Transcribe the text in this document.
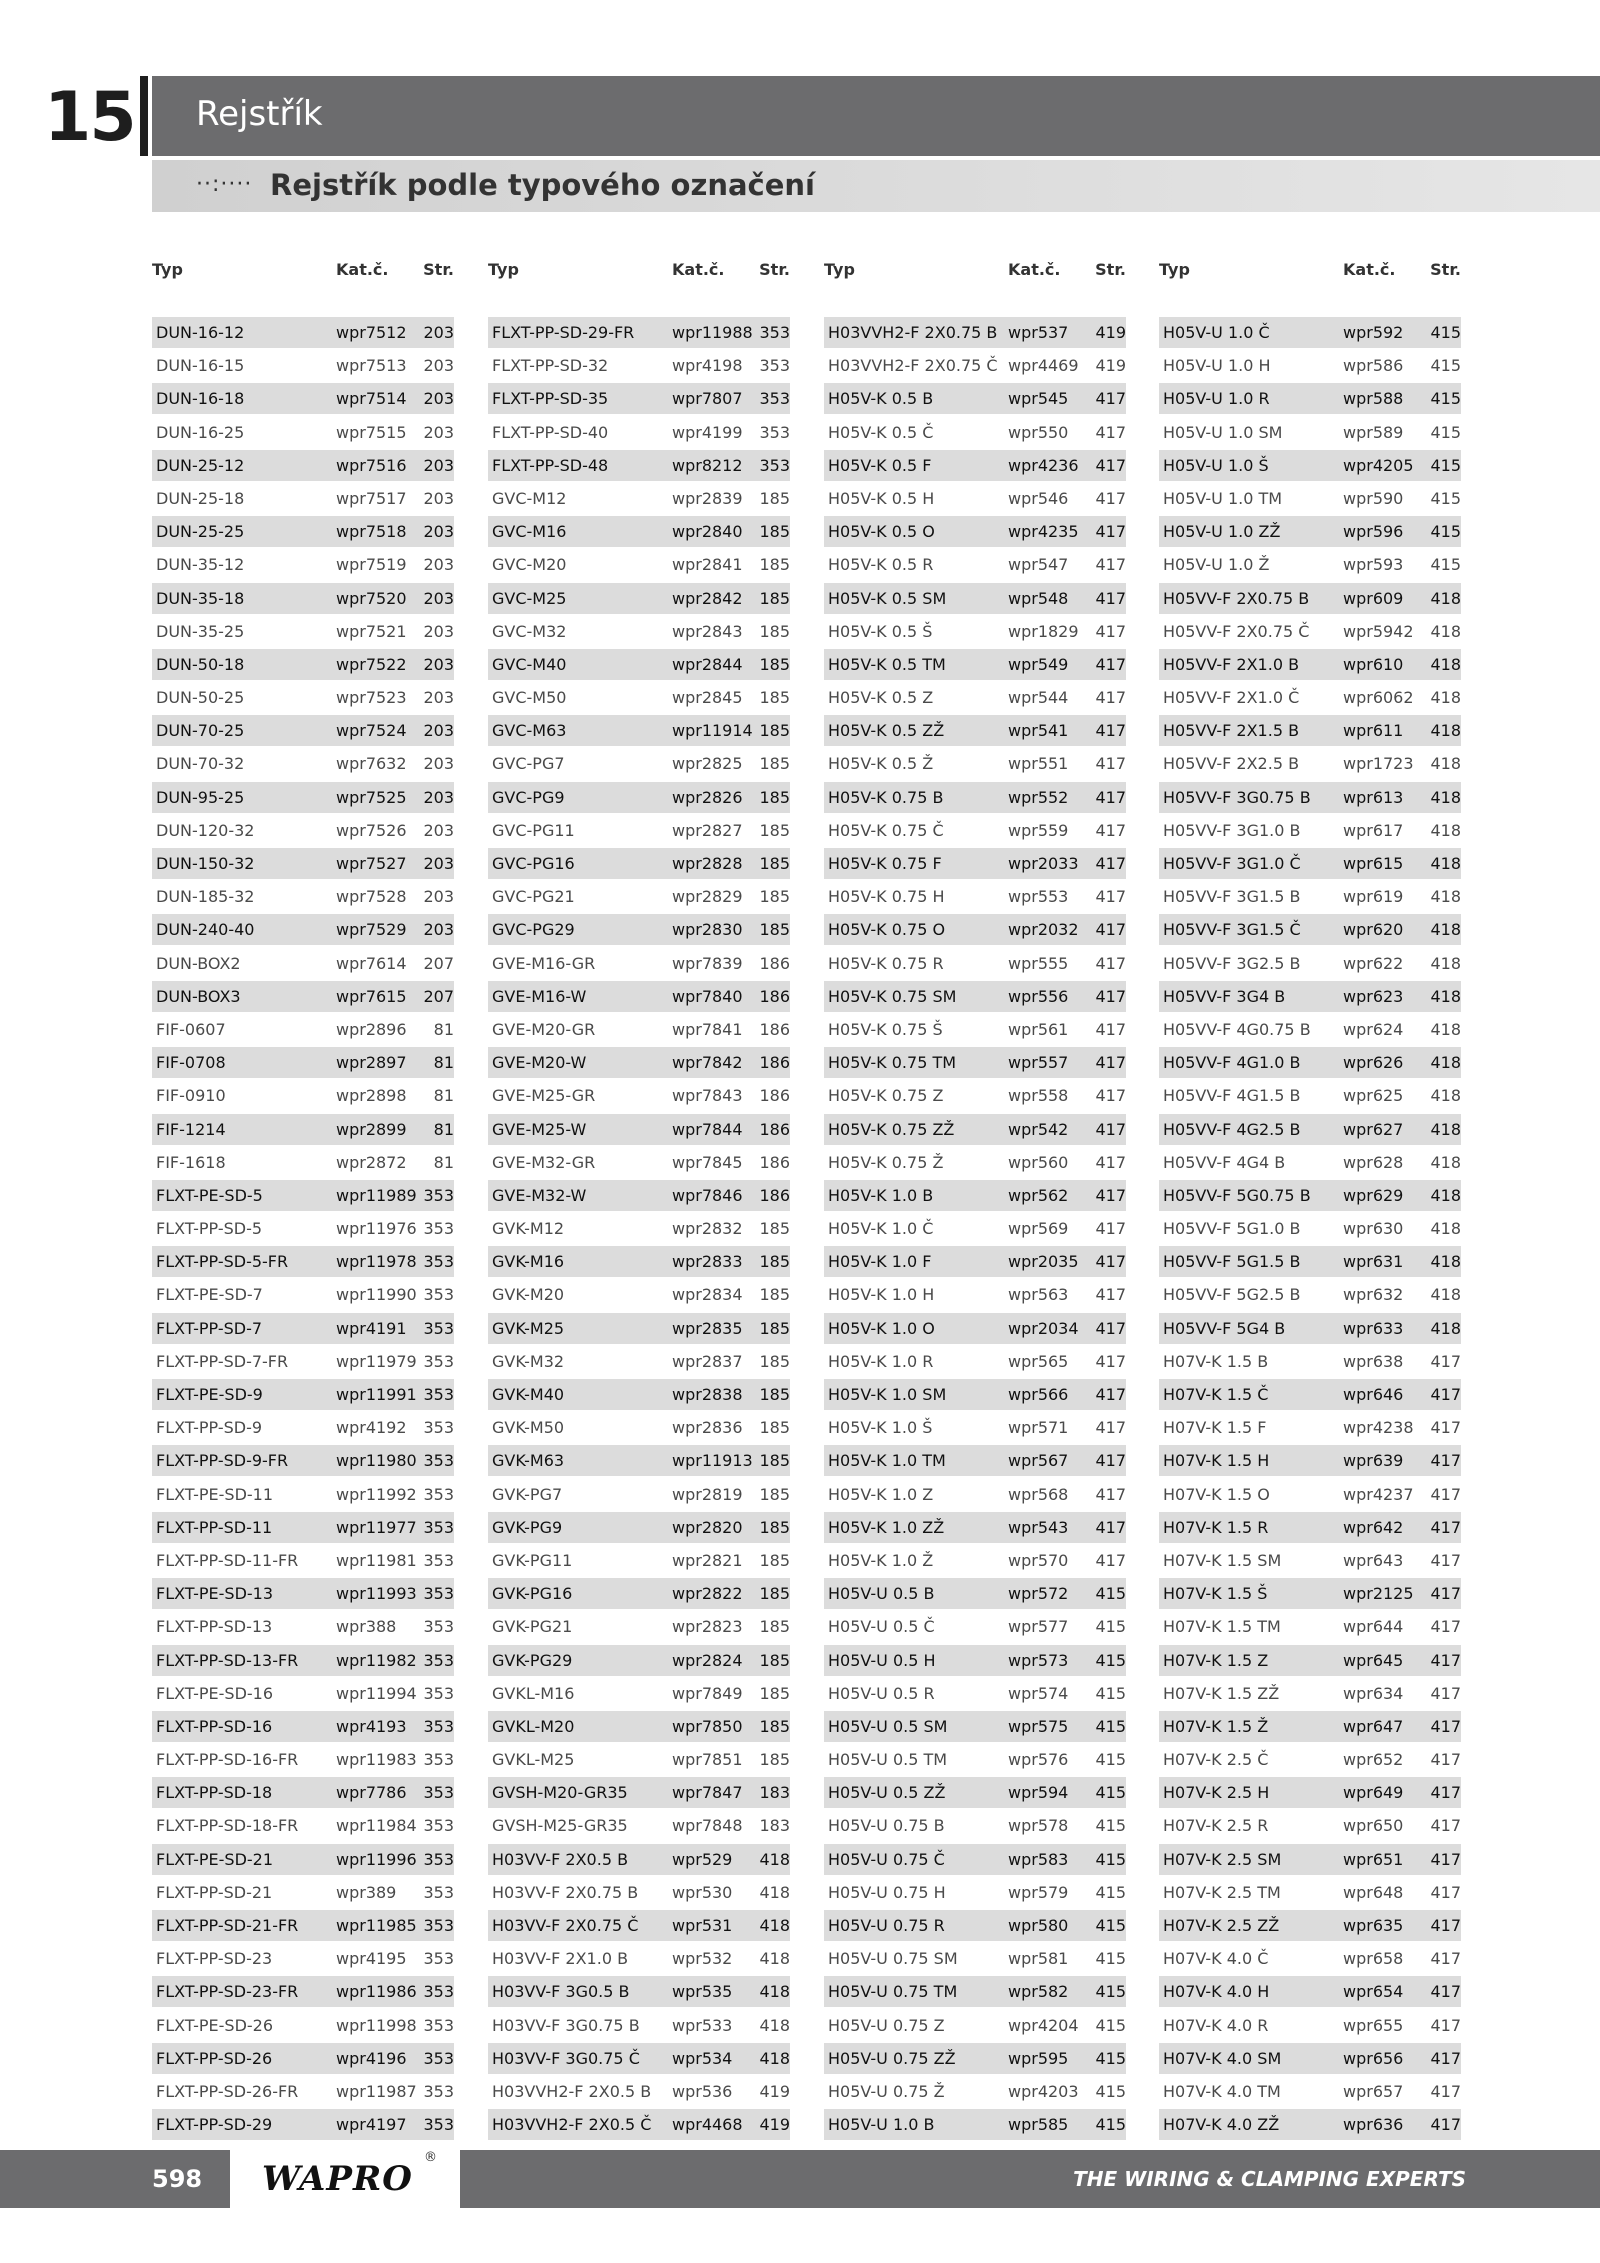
15 Rejstřík
··:···· Rejstřík podle typového označení
Typ	Kat.č.	Str.
DUN-16-12	wpr7512	203
DUN-16-15	wpr7513	203
DUN-16-18	wpr7514	203
DUN-16-25	wpr7515	203
DUN-25-12	wpr7516	203
DUN-25-18	wpr7517	203
DUN-25-25	wpr7518	203
DUN-35-12	wpr7519	203
DUN-35-18	wpr7520	203
DUN-35-25	wpr7521	203
DUN-50-18	wpr7522	203
DUN-50-25	wpr7523	203
DUN-70-25	wpr7524	203
DUN-70-32	wpr7632	203
DUN-95-25	wpr7525	203
DUN-120-32	wpr7526	203
DUN-150-32	wpr7527	203
DUN-185-32	wpr7528	203
DUN-240-40	wpr7529	203
DUN-BOX2	wpr7614	207
DUN-BOX3	wpr7615	207
FIF-0607	wpr2896	81
FIF-0708	wpr2897	81
FIF-0910	wpr2898	81
FIF-1214	wpr2899	81
FIF-1618	wpr2872	81
FLXT-PE-SD-5	wpr11989 353
FLXT-PP-SD-5	wpr11976 353
FLXT-PP-SD-5-FR	wpr11978 353
FLXT-PE-SD-7	wpr11990 353
FLXT-PP-SD-7	wpr4191	353
FLXT-PP-SD-7-FR	wpr11979 353
FLXT-PE-SD-9	wpr11991 353
FLXT-PP-SD-9	wpr4192	353
FLXT-PP-SD-9-FR	wpr11980 353
FLXT-PE-SD-11	wpr11992 353
FLXT-PP-SD-11	wpr11977 353
FLXT-PP-SD-11-FR	wpr11981 353
FLXT-PE-SD-13	wpr11993 353
FLXT-PP-SD-13	wpr388	353
FLXT-PP-SD-13-FR	wpr11982 353
FLXT-PE-SD-16	wpr11994 353
FLXT-PP-SD-16	wpr4193	353
FLXT-PP-SD-16-FR	wpr11983 353
FLXT-PP-SD-18	wpr7786	353
FLXT-PP-SD-18-FR	wpr11984 353
FLXT-PE-SD-21	wpr11996 353
FLXT-PP-SD-21	wpr389	353
FLXT-PP-SD-21-FR	wpr11985 353
FLXT-PP-SD-23	wpr4195	353
FLXT-PP-SD-23-FR	wpr11986 353
FLXT-PE-SD-26	wpr11998 353
FLXT-PP-SD-26	wpr4196	353
FLXT-PP-SD-26-FR	wpr11987 353
FLXT-PP-SD-29	wpr4197	353
Typ	Kat.č.	Str.
FLXT-PP-SD-29-FR	wpr11988 353
FLXT-PP-SD-32	wpr4198	353
FLXT-PP-SD-35	wpr7807	353
FLXT-PP-SD-40	wpr4199	353
FLXT-PP-SD-48	wpr8212	353
GVC-M12	wpr2839	185
GVC-M16	wpr2840	185
GVC-M20	wpr2841	185
GVC-M25	wpr2842	185
GVC-M32	wpr2843	185
GVC-M40	wpr2844	185
GVC-M50	wpr2845	185
GVC-M63	wpr11914 185
GVC-PG7	wpr2825	185
GVC-PG9	wpr2826	185
GVC-PG11	wpr2827	185
GVC-PG16	wpr2828	185
GVC-PG21	wpr2829	185
GVC-PG29	wpr2830	185
GVE-M16-GR	wpr7839	186
GVE-M16-W	wpr7840	186
GVE-M20-GR	wpr7841	186
GVE-M20-W	wpr7842	186
GVE-M25-GR	wpr7843	186
GVE-M25-W	wpr7844	186
GVE-M32-GR	wpr7845	186
GVE-M32-W	wpr7846	186
GVK-M12	wpr2832	185
GVK-M16	wpr2833	185
GVK-M20	wpr2834	185
GVK-M25	wpr2835	185
GVK-M32	wpr2837	185
GVK-M40	wpr2838	185
GVK-M50	wpr2836	185
GVK-M63	wpr11913 185
GVK-PG7	wpr2819	185
GVK-PG9	wpr2820	185
GVK-PG11	wpr2821	185
GVK-PG16	wpr2822	185
GVK-PG21	wpr2823	185
GVK-PG29	wpr2824	185
GVKL-M16	wpr7849	185
GVKL-M20	wpr7850	185
GVKL-M25	wpr7851	185
GVSH-M20-GR35	wpr7847	183
GVSH-M25-GR35	wpr7848	183
H03VV-F 2X0.5 B	wpr529	418
H03VV-F 2X0.75 B	wpr530	418
H03VV-F 2X0.75 Č	wpr531	418
H03VV-F 2X1.0 B	wpr532	418
H03VV-F 3G0.5 B	wpr535	418
H03VV-F 3G0.75 B	wpr533	418
H03VV-F 3G0.75 Č	wpr534	418
H03VVH2-F 2X0.5 B	wpr536	419
H03VVH2-F 2X0.5 Č	wpr4468	419
Typ	Kat.č.	Str.
H03VVH2-F 2X0.75 B wpr537	419
H03VVH2-F 2X0.75 Č wpr4469	419
H05V-K 0.5 B	wpr545	417
H05V-K 0.5 Č	wpr550	417
H05V-K 0.5 F	wpr4236	417
H05V-K 0.5 H	wpr546	417
H05V-K 0.5 O	wpr4235	417
H05V-K 0.5 R	wpr547	417
H05V-K 0.5 SM	wpr548	417
H05V-K 0.5 Š	wpr1829	417
H05V-K 0.5 TM	wpr549	417
H05V-K 0.5 Z	wpr544	417
H05V-K 0.5 ZŽ	wpr541	417
H05V-K 0.5 Ž	wpr551	417
H05V-K 0.75 B	wpr552	417
H05V-K 0.75 Č	wpr559	417
H05V-K 0.75 F	wpr2033	417
H05V-K 0.75 H	wpr553	417
H05V-K 0.75 O	wpr2032	417
H05V-K 0.75 R	wpr555	417
H05V-K 0.75 SM	wpr556	417
H05V-K 0.75 Š	wpr561	417
H05V-K 0.75 TM	wpr557	417
H05V-K 0.75 Z	wpr558	417
H05V-K 0.75 ZŽ	wpr542	417
H05V-K 0.75 Ž	wpr560	417
H05V-K 1.0 B	wpr562	417
H05V-K 1.0 Č	wpr569	417
H05V-K 1.0 F	wpr2035	417
H05V-K 1.0 H	wpr563	417
H05V-K 1.0 O	wpr2034	417
H05V-K 1.0 R	wpr565	417
H05V-K 1.0 SM	wpr566	417
H05V-K 1.0 Š	wpr571	417
H05V-K 1.0 TM	wpr567	417
H05V-K 1.0 Z	wpr568	417
H05V-K 1.0 ZŽ	wpr543	417
H05V-K 1.0 Ž	wpr570	417
H05V-U 0.5 B	wpr572	415
H05V-U 0.5 Č	wpr577	415
H05V-U 0.5 H	wpr573	415
H05V-U 0.5 R	wpr574	415
H05V-U 0.5 SM	wpr575	415
H05V-U 0.5 TM	wpr576	415
H05V-U 0.5 ZŽ	wpr594	415
H05V-U 0.75 B	wpr578	415
H05V-U 0.75 Č	wpr583	415
H05V-U 0.75 H	wpr579	415
H05V-U 0.75 R	wpr580	415
H05V-U 0.75 SM	wpr581	415
H05V-U 0.75 TM	wpr582	415
H05V-U 0.75 Z	wpr4204	415
H05V-U 0.75 ZŽ	wpr595	415
H05V-U 0.75 Ž	wpr4203	415
H05V-U 1.0 B	wpr585	415
Typ	Kat.č.	Str.
H05V-U 1.0 Č	wpr592	415
H05V-U 1.0 H	wpr586	415
H05V-U 1.0 R	wpr588	415
H05V-U 1.0 SM	wpr589	415
H05V-U 1.0 Š	wpr4205	415
H05V-U 1.0 TM	wpr590	415
H05V-U 1.0 ZŽ	wpr596	415
H05V-U 1.0 Ž	wpr593	415
H05VV-F 2X0.75 B	wpr609	418
H05VV-F 2X0.75 Č	wpr5942	418
H05VV-F 2X1.0 B	wpr610	418
H05VV-F 2X1.0 Č	wpr6062	418
H05VV-F 2X1.5 B	wpr611	418
H05VV-F 2X2.5 B	wpr1723	418
H05VV-F 3G0.75 B	wpr613	418
H05VV-F 3G1.0 B	wpr617	418
H05VV-F 3G1.0 Č	wpr615	418
H05VV-F 3G1.5 B	wpr619	418
H05VV-F 3G1.5 Č	wpr620	418
H05VV-F 3G2.5 B	wpr622	418
H05VV-F 3G4 B	wpr623	418
H05VV-F 4G0.75 B	wpr624	418
H05VV-F 4G1.0 B	wpr626	418
H05VV-F 4G1.5 B	wpr625	418
H05VV-F 4G2.5 B	wpr627	418
H05VV-F 4G4 B	wpr628	418
H05VV-F 5G0.75 B	wpr629	418
H05VV-F 5G1.0 B	wpr630	418
H05VV-F 5G1.5 B	wpr631	418
H05VV-F 5G2.5 B	wpr632	418
H05VV-F 5G4 B	wpr633	418
H07V-K 1.5 B	wpr638	417
H07V-K 1.5 Č	wpr646	417
H07V-K 1.5 F	wpr4238	417
H07V-K 1.5 H	wpr639	417
H07V-K 1.5 O	wpr4237	417
H07V-K 1.5 R	wpr642	417
H07V-K 1.5 SM	wpr643	417
H07V-K 1.5 Š	wpr2125	417
H07V-K 1.5 TM	wpr644	417
H07V-K 1.5 Z	wpr645	417
H07V-K 1.5 ZŽ	wpr634	417
H07V-K 1.5 Ž	wpr647	417
H07V-K 2.5 Č	wpr652	417
H07V-K 2.5 H	wpr649	417
H07V-K 2.5 R	wpr650	417
H07V-K 2.5 SM	wpr651	417
H07V-K 2.5 TM	wpr648	417
H07V-K 2.5 ZŽ	wpr635	417
H07V-K 4.0 Č	wpr658	417
H07V-K 4.0 H	wpr654	417
H07V-K 4.0 R	wpr655	417
H07V-K 4.0 SM	wpr656	417
H07V-K 4.0 TM	wpr657	417
H07V-K 4.0 ZŽ	wpr636	417
598 WAPRO
®
THE WIRING & CLAMPING EXPERTS
